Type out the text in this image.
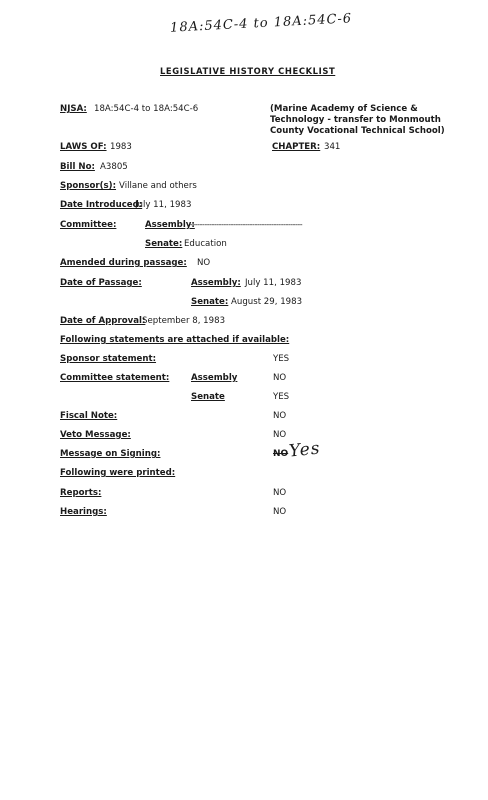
18A:54C-4 to 18A:54C-6
LEGISLATIVE HISTORY CHECKLIST
NJSA: 18A:54C-4 to 18A:54C-6	(Marine Academy of Science &
Technology - transfer to Monmouth
County Vocational Technical School)
LAWS OF: 1983	CHAPTER: 341
Bill No: A3805
Sponsor(s): Villane and others
Date Introduced:
July 11, 1983
Committee:	Assembly:
-----------------------------------------------
Senate: Education
Amended during passage: NO
Date of Passage:	Assembly: July 11, 1983
Senate: August 29, 1983
Date of Approval:
September 8, 1983
Following statements are attached if available:
Sponsor statement:	YES
Committee statement:	Assembly	NO
Senate	YES
Fiscal Note:	NO
Veto Message:	NO
Message on Signing:	NO Yes
Following were printed:
Reports:	NO
Hearings:	NO
